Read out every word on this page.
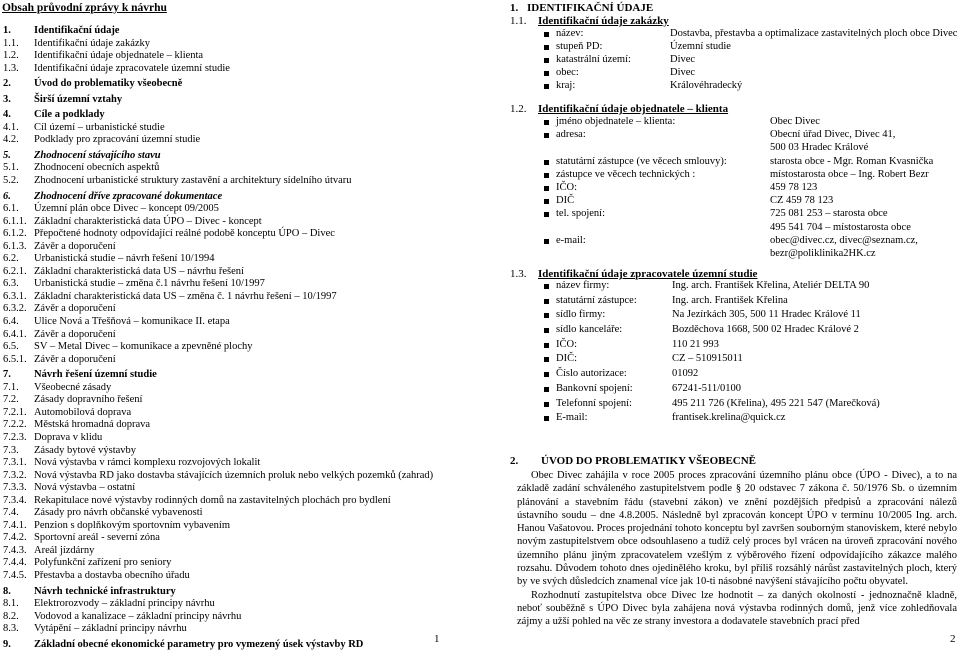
Obsah průvodní zprávy k návrhu
1.	Identifikační údaje
1.1.	Identifikační údaje zakázky
1.2.	Identifikační údaje objednatele – klienta
1.3.	Identifikační údaje zpracovatele územní studie
2.	Úvod do problematiky všeobecně
3.	Širší územní vztahy
4.	Cíle a podklady
4.1.	Cíl území – urbanistické studie
4.2.	Podklady pro zpracování územní studie
5.	Zhodnocení stávajícího stavu
5.1.	Zhodnocení obecních aspektů
5.2.	Zhodnocení urbanistické struktury zastavění a architektury sídelního útvaru
6.	Zhodnocení dříve zpracované dokumentace
6.1.	Územní plán obce Divec – koncept 09/2005
6.1.1. Základní charakteristická data ÚPO – Divec - koncept
6.1.2. Přepočtené hodnoty odpovídající reálné podobě konceptu ÚPO – Divec
6.1.3. Závěr a doporučení
6.2.	Urbanistická studie – návrh řešení 10/1994
6.2.1. Základní charakteristická data US – návrhu řešení
6.3.	Urbanistická studie – změna č.1 návrhu řešení 10/1997
6.3.1. Základní charakteristická data US – změna č. 1 návrhu řešení – 10/1997
6.3.2. Závěr a doporučení
6.4.	Ulice Nová a Třešňová – komunikace II. etapa
6.4.1. Závěr a doporučení
6.5.	SV – Metal Divec – komunikace a zpevněné plochy
6.5.1. Závěr a doporučení
7.	Návrh řešení územní studie
7.1.	Všeobecné zásady
7.2.	Zásady dopravního řešení
7.2.1. Automobilová doprava
7.2.2. Městská hromadná doprava
7.2.3. Doprava v klidu
7.3.	Zásady bytové výstavby
7.3.1. Nová výstavba v rámci komplexu rozvojových lokalit
7.3.2. Nová výstavba RD jako dostavba stávajících územních proluk nebo velkých pozemků (zahrad)
7.3.3. Nová výstavba – ostatní
7.3.4. Rekapitulace nové výstavby rodinných domů na zastavitelných plochách pro bydlení
7.4.	Zásady pro návrh občanské vybavenosti
7.4.1. Penzion s doplňkovým sportovním vybavením
7.4.2. Sportovní areál - severní zóna
7.4.3. Areál jízdárny
7.4.4. Polyfunkční zařízení pro seniory
7.4.5. Přestavba a dostavba obecního úřadu
8.	Návrh technické infrastruktury
8.1.	Elektrorozvody – základní principy návrhu
8.2.	Vodovod a kanalizace – základní principy návrhu
8.3.	Vytápění – základní principy návrhu
9.	Základní obecné ekonomické parametry pro vymezený úsek výstavby RD	1
1. IDENTIFIKAČNÍ ÚDAJE
1.1. Identifikační údaje zakázky
název:	Dostavba, přestavba a optimalizace zastavitelných ploch obce Divec
stupeň PD:	Územní studie
katastrální území:	Divec
obec:	Divec
kraj:	Královéhradecký
1.2. Identifikační údaje objednatele – klienta
jméno objednatele – klienta:	Obec Divec
adresa:	Obecní úřad Divec, Divec 41,
500 03 Hradec Králové
statutární zástupce (ve věcech smlouvy):	starosta obce - Mgr. Roman Kvasnička
zástupce ve věcech technických :	místostarosta obce – Ing. Robert Bezr
IČO:	459 78 123
DIČ	CZ 459 78 123
tel. spojení:	725 081 253 – starosta obce
495 541 704 – místostarosta obce
e-mail:	obec@divec.cz, divec@seznam.cz,
bezr@poliklinika2HK.cz
1.3. Identifikační údaje zpracovatele územní studie
název firmy:	Ing. arch. František Křelina, Ateliér DELTA 90
statutární zástupce:	Ing. arch. František Křelina
sídlo firmy:	Na Jezírkách 305, 500 11 Hradec Králové 11
sídlo kanceláře:	Bozděchova 1668, 500 02 Hradec Králové 2
IČO:	110 21 993
DIČ:	CZ – 510915011
Číslo autorizace:	01092
Bankovní spojení:	67241-511/0100
Telefonní spojení:	495 211 726 (Křelina), 495 221 547 (Marečková)
E-mail:	frantisek.krelina@quick.cz
2. ÚVOD DO PROBLEMATIKY VŠEOBECNĚ

Obec Divec zahájila v roce 2005 proces zpracování územního plánu obce (ÚPO - Divec), a to na základě zadání schváleného zastupitelstvem podle § 20 odstavec 7 zákona č. 50/1976 Sb. o územním plánování a stavebním řádu (stavební zákon) ve znění pozdějších předpisů a zpracování nálezů ústavního soudu – dne 4.8.2005. Následně byl zpracován koncept ÚPO v termínu 10/2005 Ing. arch. Hanou Vašatovou. Proces projednání tohoto konceptu byl završen souborným stanoviskem, které nebylo novým zastupitelstvem obce odsouhlaseno a tudíž celý proces byl vrácen na úroveň zpracování nového územního plánu jiným zpracovatelem vzešlým z výběrového řízení odpovídajícího zákazce malého rozsahu. Důvodem tohoto dnes ojedinělého kroku, byl příliš rozsáhlý nárůst zastavitelných ploch, který by ve svých důsledcích znamenal více jak 10-ti násobné navýšení stávajícího počtu obyvatel.

Rozhodnutí zastupitelstva obce Divec lze hodnotit – za daných okolností - jednoznačně kladně, neboť souběžně s ÚPO Divec byla zahájena nová výstavba rodinných domů, jenž více zohledňovala zájmy a užší pohled na věc ze strany investora a dodavatele stavebních prací před

2
